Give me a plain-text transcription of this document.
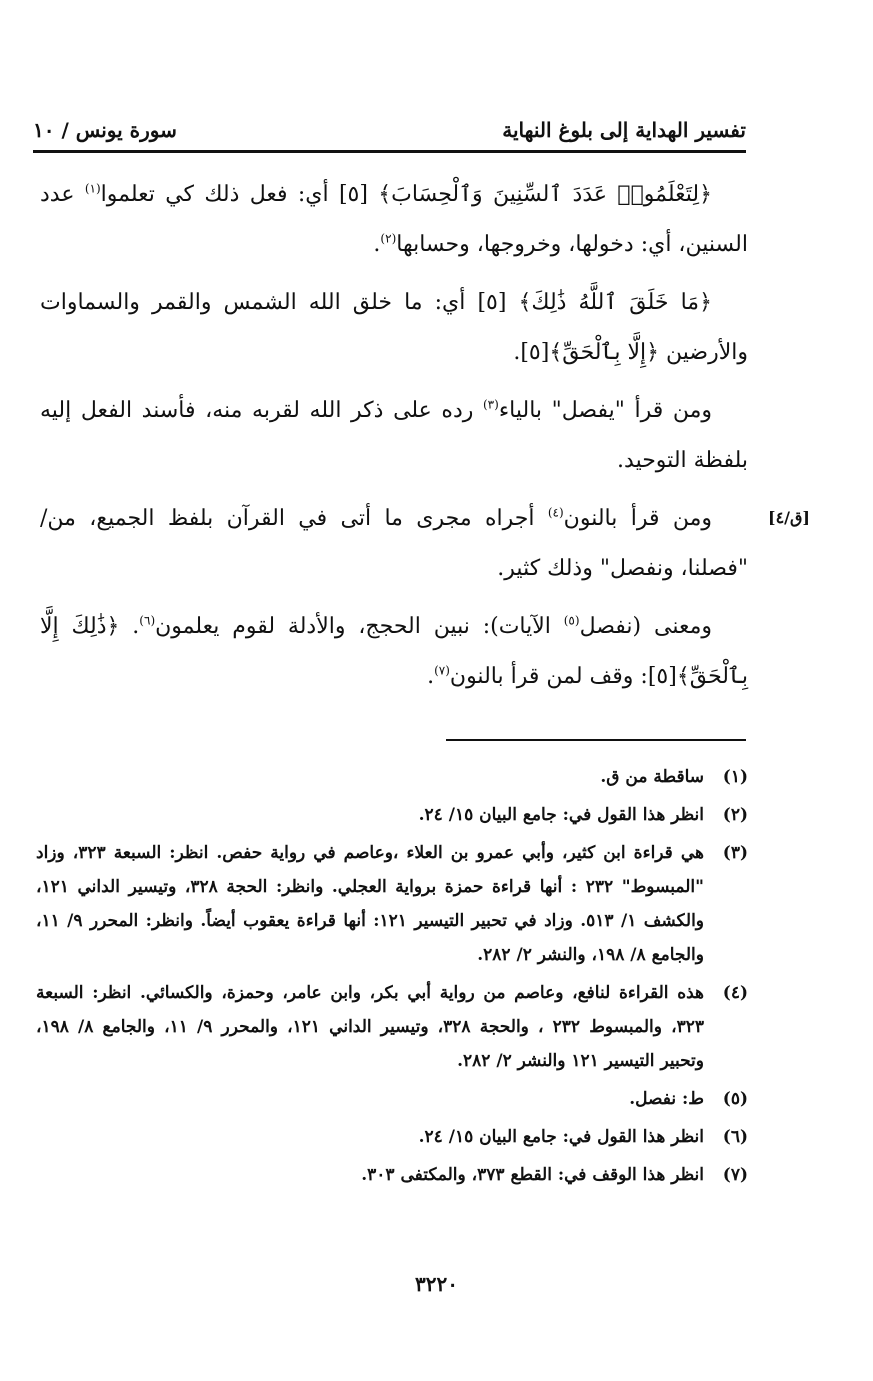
تفسير الهداية إلى بلوغ النهاية
سورة يونس / ١٠
[ق/٤]

﴿لِتَعْلَمُوا۟ عَدَدَ ٱلسِّنِينَ وَٱلْحِسَابَ﴾ [٥] أي: فعل ذلك كي تعلموا$^{(١)}$ عدد السنين، أي: دخولها، وخروجها، وحسابها$^{(٢)}$.

﴿مَا خَلَقَ ٱللَّهُ ذَٰلِكَ﴾ [٥] أي: ما خلق الله الشمس والقمر والسماوات والأرضين ﴿إِلَّا بِٱلْحَقِّ﴾[٥].

ومن قرأ "يفصل" بالياء$^{(٣)}$ رده على ذكر الله لقربه منه، فأسند الفعل إليه بلفظة التوحيد.

ومن قرأ بالنون$^{(٤)}$ أجراه مجرى ما أتى في القرآن بلفظ الجميع، من/ "فصلنا، ونفصل" وذلك كثير.

ومعنى (نفصل$^{(٥)}$ الآيات): نبين الحجج، والأدلة لقوم يعلمون$^{(٦)}$. ﴿ذَٰلِكَ إِلَّا بِٱلْحَقِّ﴾[٥]: وقف لمن قرأ بالنون$^{(٧)}$.

(١)
ساقطة من ق.
(٢)
انظر هذا القول في: جامع البيان ١٥/ ٢٤.
(٣)
هي قراءة ابن كثير، وأبي عمرو بن العلاء ،وعاصم في رواية حفص. انظر: السبعة ٣٢٣، وزاد "المبسوط" ٢٣٢ : أنها قراءة حمزة برواية العجلي. وانظر: الحجة ٣٢٨، وتيسير الداني ١٢١، والكشف ١/ ٥١٣. وزاد في تحبير التيسير ١٢١: أنها قراءة يعقوب أيضاً. وانظر: المحرر ٩/ ١١، والجامع ٨/ ١٩٨، والنشر ٢/ ٢٨٢.
(٤)
هذه القراءة لنافع، وعاصم من رواية أبي بكر، وابن عامر، وحمزة، والكسائي. انظر: السبعة ٣٢٣، والمبسوط ٢٣٢ ، والحجة ٣٢٨، وتيسير الداني ١٢١، والمحرر ٩/ ١١، والجامع ٨/ ١٩٨، وتحبير التيسير ١٢١ والنشر ٢/ ٢٨٢.
(٥)
ط: نفصل.
(٦)
انظر هذا القول في: جامع البيان ١٥/ ٢٤.
(٧)
انظر هذا الوقف في: القطع ٣٧٣، والمكتفى ٣٠٣.
٣٢٢٠
